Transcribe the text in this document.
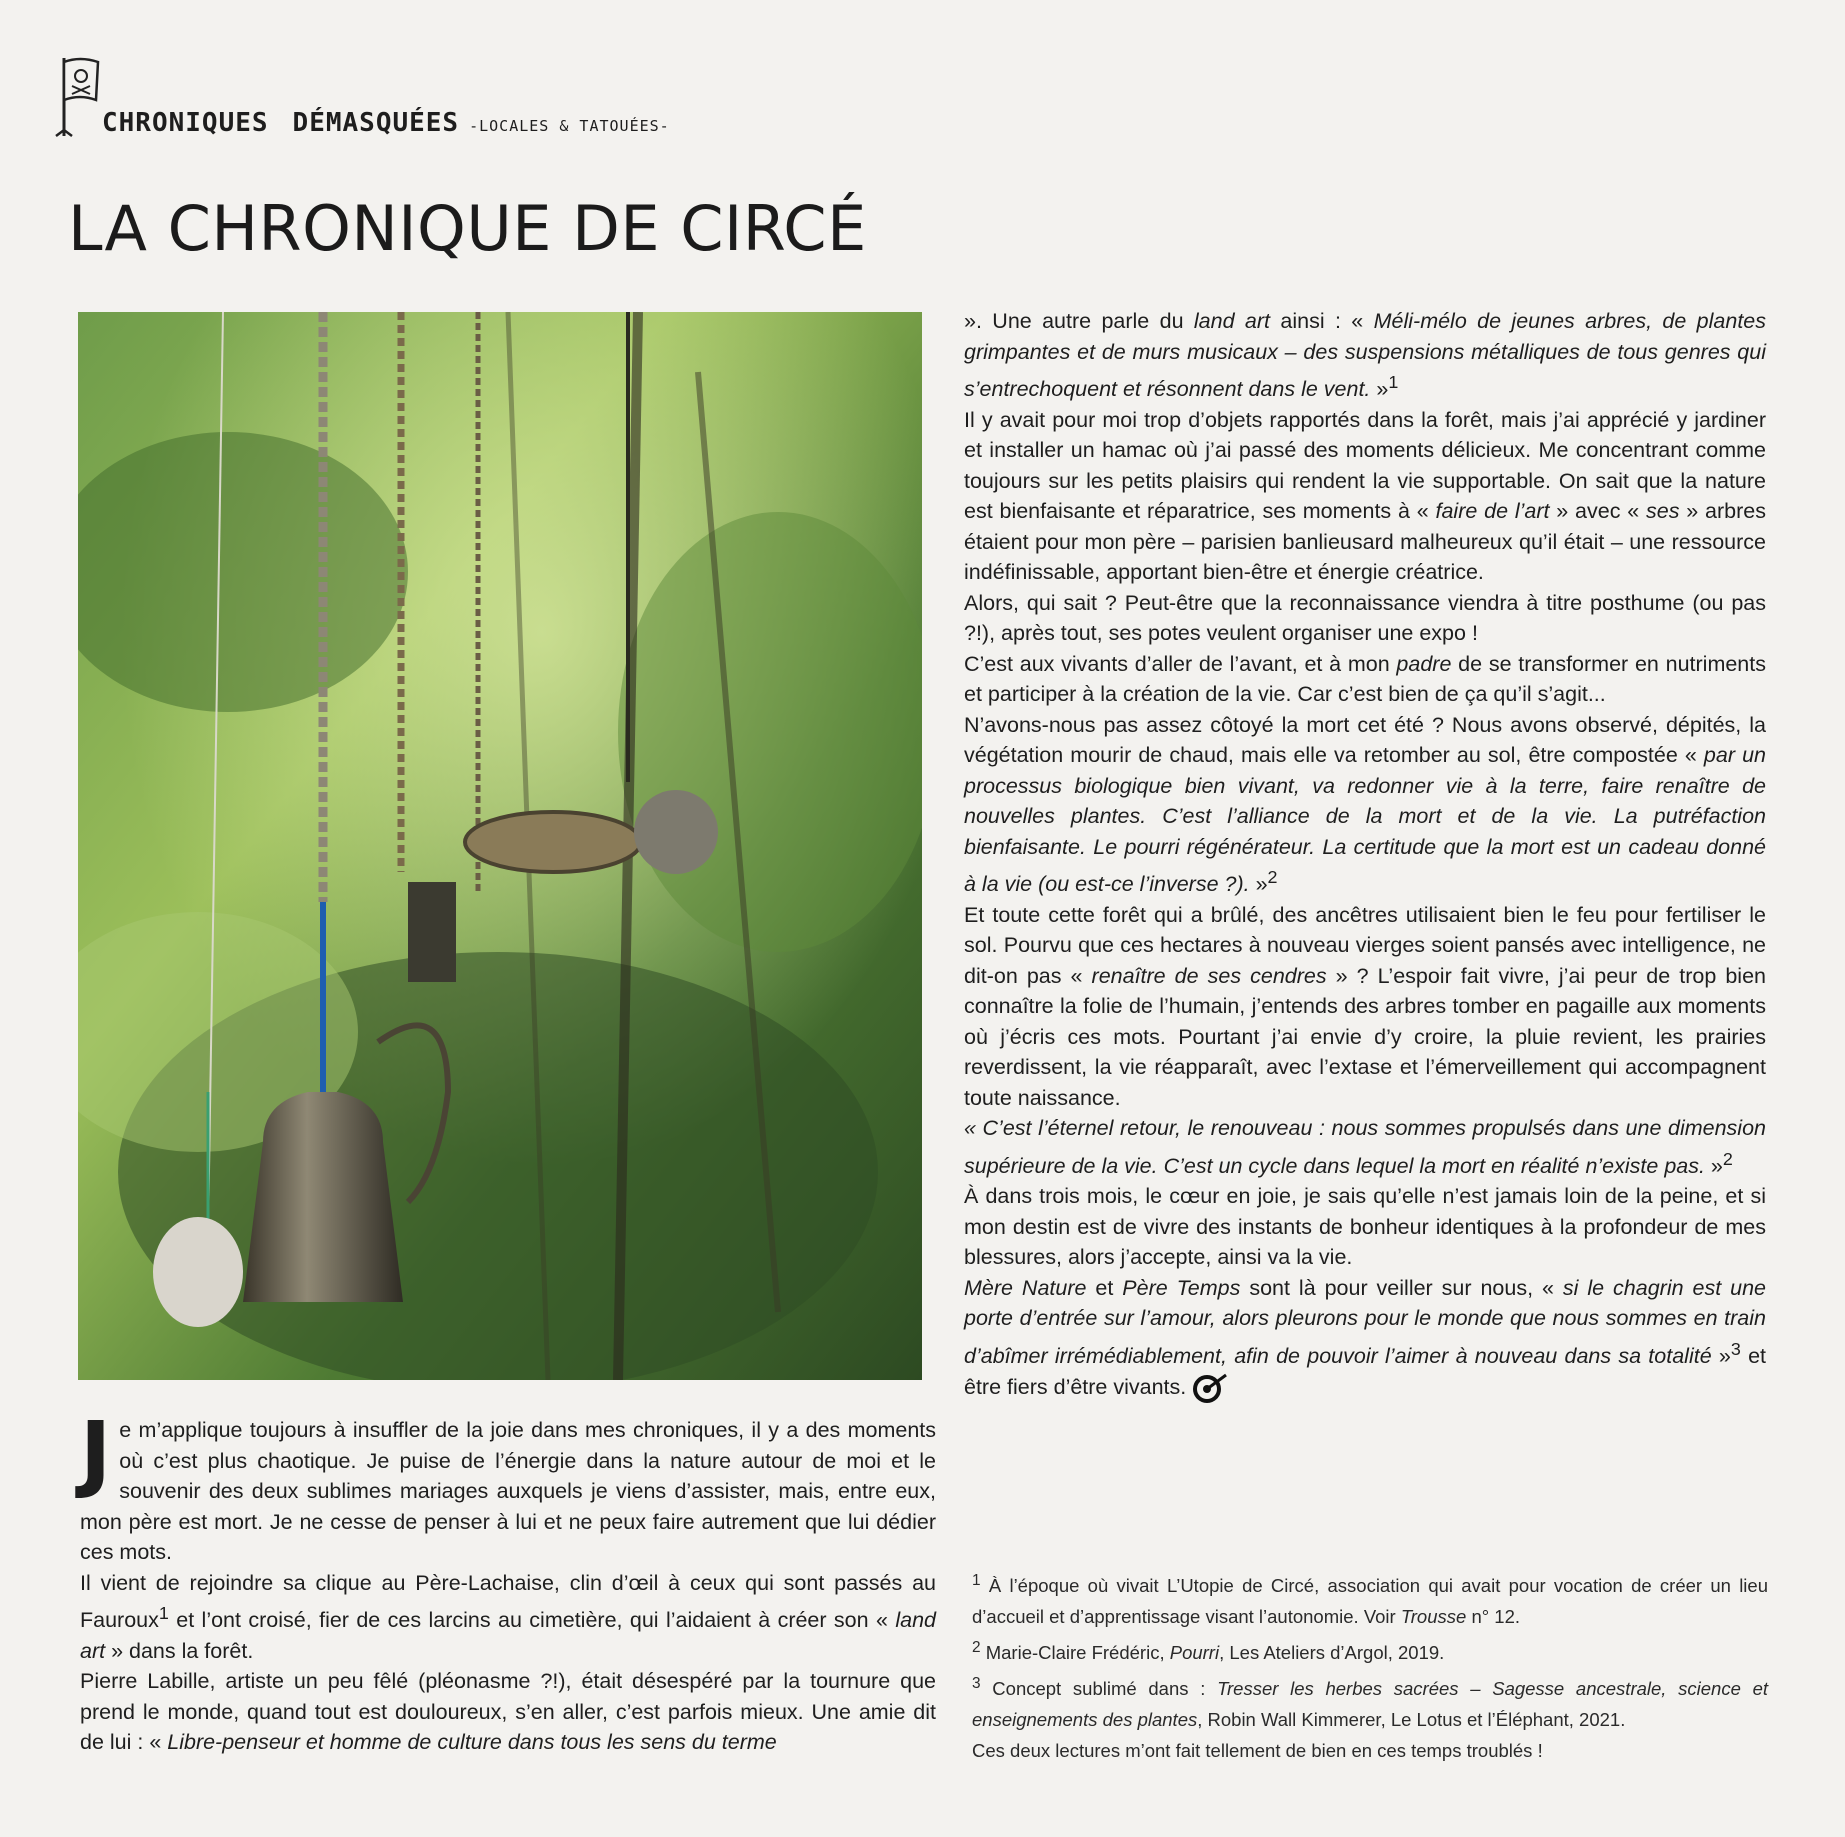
CHRONIQUES DÉMASQUÉES -LOCALES & TATOUÉES-
LA CHRONIQUE DE CIRCÉ

Je m’applique toujours à insuffler de la joie dans mes chroniques, il y a des moments où c’est plus chaotique. Je puise de l’énergie dans la nature autour de moi et le souvenir des deux sublimes mariages auxquels je viens d’assister, mais, entre eux, mon père est mort. Je ne cesse de penser à lui et ne peux faire autrement que lui dédier ces mots.

Il vient de rejoindre sa clique au Père-Lachaise, clin d’œil à ceux qui sont passés au Fauroux$^1$ et l’ont croisé, fier de ces larcins au cimetière, qui l’aidaient à créer son « land art » dans la forêt.

Pierre Labille, artiste un peu fêlé (pléonasme ?!), était désespéré par la tournure que prend le monde, quand tout est douloureux, s’en aller, c’est parfois mieux. Une amie dit de lui : « Libre-penseur et homme de culture dans tous les sens du terme

». Une autre parle du land art ainsi : « Méli-mélo de jeunes arbres, de plantes grimpantes et de murs musicaux – des suspensions métalliques de tous genres qui s’entrechoquent et résonnent dans le vent. »$^1$

Il y avait pour moi trop d’objets rapportés dans la forêt, mais j’ai apprécié y jardiner et installer un hamac où j’ai passé des moments délicieux. Me concentrant comme toujours sur les petits plaisirs qui rendent la vie supportable. On sait que la nature est bienfaisante et réparatrice, ses moments à « faire de l’art » avec « ses » arbres étaient pour mon père – parisien banlieusard malheureux qu’il était – une ressource indéfinissable, apportant bien-être et énergie créatrice.

Alors, qui sait ? Peut-être que la reconnaissance viendra à titre posthume (ou pas ?!), après tout, ses potes veulent organiser une expo !

C’est aux vivants d’aller de l’avant, et à mon padre de se transformer en nutriments et participer à la création de la vie. Car c’est bien de ça qu’il s’agit...

N’avons-nous pas assez côtoyé la mort cet été ? Nous avons observé, dépités, la végétation mourir de chaud, mais elle va retomber au sol, être compostée « par un processus biologique bien vivant, va redonner vie à la terre, faire renaître de nouvelles plantes. C’est l’alliance de la mort et de la vie. La putréfaction bienfaisante. Le pourri régénérateur. La certitude que la mort est un cadeau donné à la vie (ou est-ce l’inverse ?). »$^2$

Et toute cette forêt qui a brûlé, des ancêtres utilisaient bien le feu pour fertiliser le sol. Pourvu que ces hectares à nouveau vierges soient pansés avec intelligence, ne dit-on pas « renaître de ses cendres » ? L’espoir fait vivre, j’ai peur de trop bien connaître la folie de l’humain, j’entends des arbres tomber en pagaille aux moments où j’écris ces mots. Pourtant j’ai envie d’y croire, la pluie revient, les prairies reverdissent, la vie réapparaît, avec l’extase et l’émerveillement qui accompagnent toute naissance.

« C’est l’éternel retour, le renouveau : nous sommes propulsés dans une dimension supérieure de la vie. C’est un cycle dans lequel la mort en réalité n’existe pas. »$^2$

À dans trois mois, le cœur en joie, je sais qu’elle n’est jamais loin de la peine, et si mon destin est de vivre des instants de bonheur identiques à la profondeur de mes blessures, alors j’accepte, ainsi va la vie.

Mère Nature et Père Temps sont là pour veiller sur nous, « si le chagrin est une porte d’entrée sur l’amour, alors pleurons pour le monde que nous sommes en train d’abîmer irrémédiablement, afin de pouvoir l’aimer à nouveau dans sa totalité »$^3$ et être fiers d’être vivants.

$^1$ À l’époque où vivait L’Utopie de Circé, association qui avait pour vocation de créer un lieu d’accueil et d’apprentissage visant l’autonomie. Voir Trousse n° 12.

$^2$ Marie-Claire Frédéric, Pourri, Les Ateliers d’Argol, 2019.

$^3$ Concept sublimé dans : Tresser les herbes sacrées – Sagesse ancestrale, science et enseignements des plantes, Robin Wall Kimmerer, Le Lotus et l’Éléphant, 2021.

Ces deux lectures m’ont fait tellement de bien en ces temps troublés !
